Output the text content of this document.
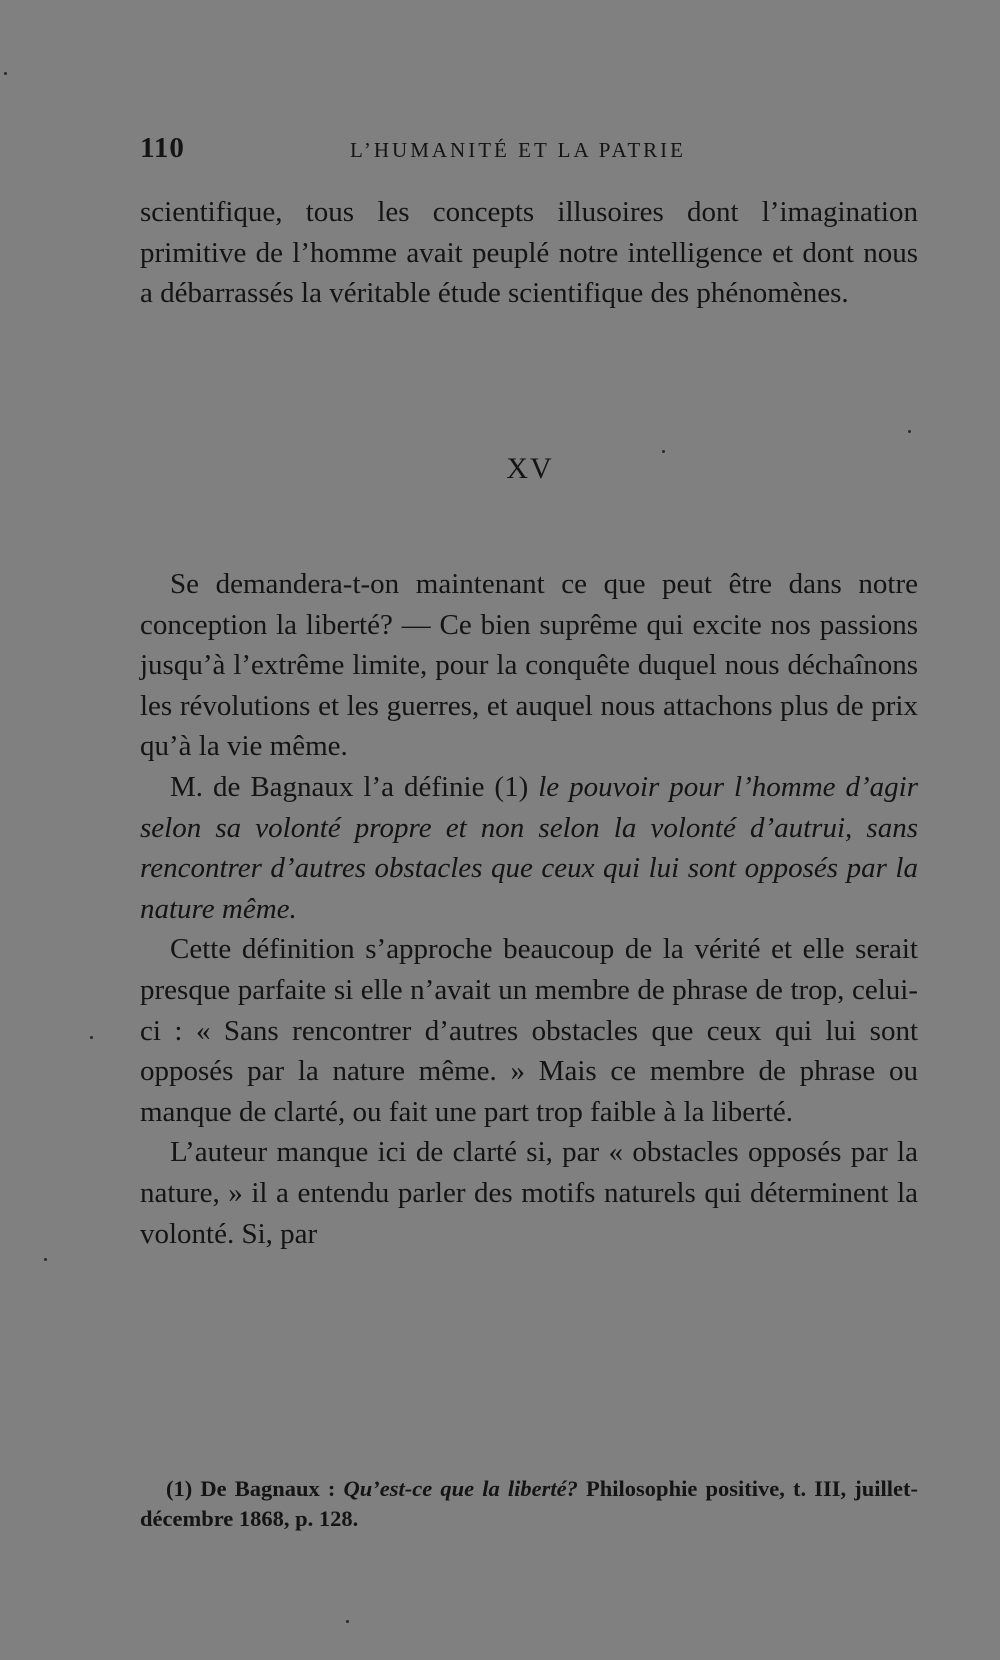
110	L’HUMANITÉ ET LA PATRIE

scientifique, tous les concepts illusoires dont l’imagination primitive de l’homme avait peuplé notre intelligence et dont nous a débarrassés la véritable étude scientifique des phénomènes.

XV

Se demandera-t-on maintenant ce que peut être dans notre conception la liberté? — Ce bien suprême qui excite nos passions jusqu’à l’extrême limite, pour la conquête duquel nous déchaînons les révolutions et les guerres, et auquel nous attachons plus de prix qu’à la vie même.

M. de Bagnaux l’a définie (1) le pouvoir pour l’homme d’agir selon sa volonté propre et non selon la volonté d’autrui, sans rencontrer d’autres obstacles que ceux qui lui sont opposés par la nature même.

Cette définition s’approche beaucoup de la vérité et elle serait presque parfaite si elle n’avait un membre de phrase de trop, celui-ci : « Sans rencontrer d’autres obstacles que ceux qui lui sont opposés par la nature même. » Mais ce membre de phrase ou manque de clarté, ou fait une part trop faible à la liberté.

L’auteur manque ici de clarté si, par « obstacles opposés par la nature, » il a entendu parler des motifs naturels qui déterminent la volonté. Si, par

(1) De Bagnaux : Qu’est-ce que la liberté? Philosophie positive, t. III, juillet-décembre 1868, p. 128.
